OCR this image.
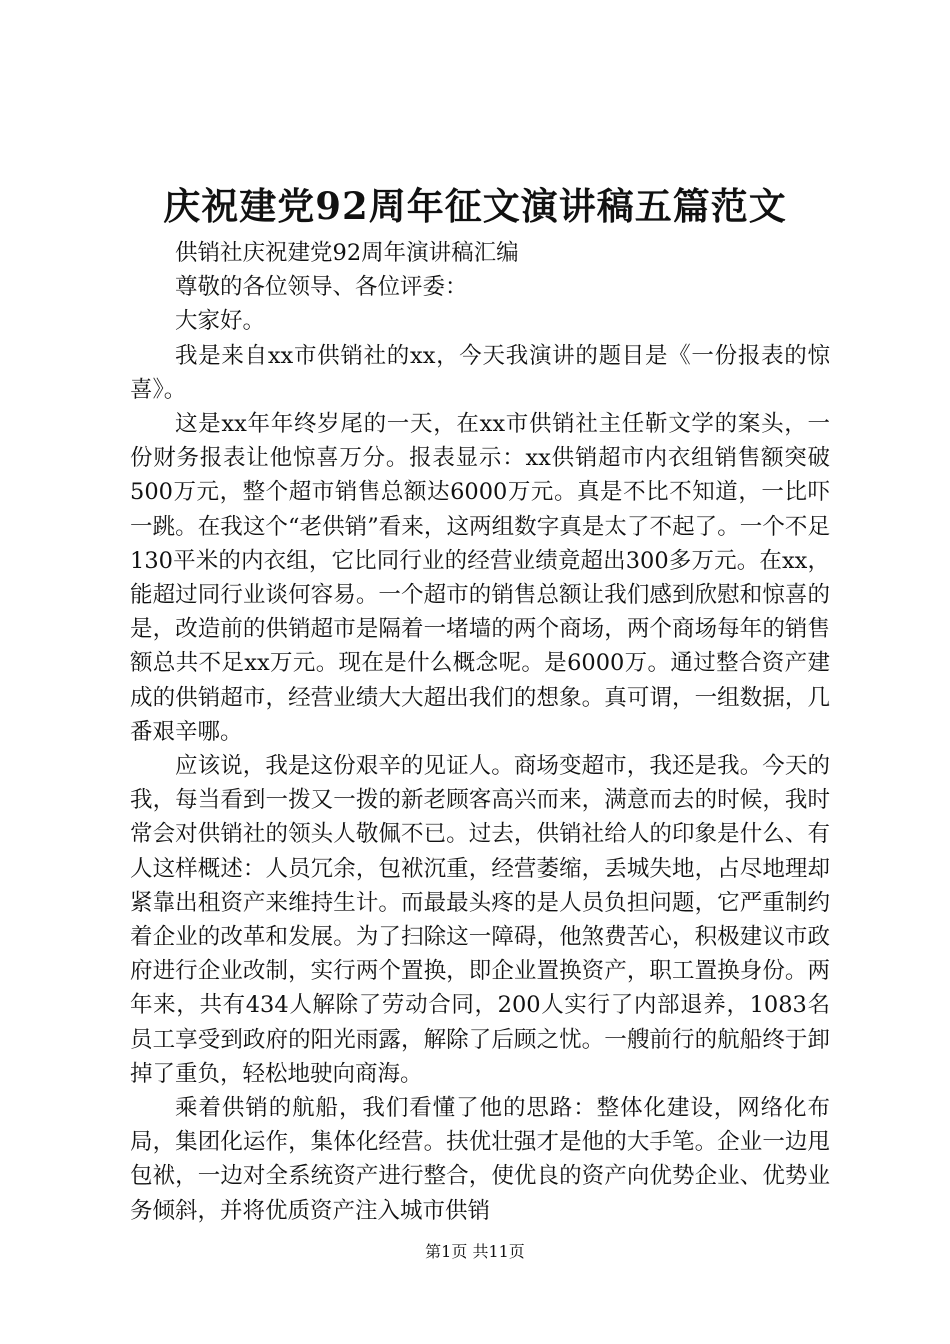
庆祝建党92周年征文演讲稿五篇范文

供销社庆祝建党92周年演讲稿汇编

尊敬的各位领导、各位评委：

大家好。

我是来自xx市供销社的xx，今天我演讲的题目是《一份报表的惊喜》。

这是xx年年终岁尾的一天，在xx市供销社主任靳文学的案头，一份财务报表让他惊喜万分。报表显示：xx供销超市内衣组销售额突破500万元，整个超市销售总额达6000万元。真是不比不知道，一比吓一跳。在我这个“老供销”看来，这两组数字真是太了不起了。一个不足130平米的内衣组，它比同行业的经营业绩竟超出300多万元。在xx，能超过同行业谈何容易。一个超市的销售总额让我们感到欣慰和惊喜的是，改造前的供销超市是隔着一堵墙的两个商场，两个商场每年的销售额总共不足xx万元。现在是什么概念呢。是6000万。通过整合资产建成的供销超市，经营业绩大大超出我们的想象。真可谓，一组数据，几番艰辛哪。

应该说，我是这份艰辛的见证人。商场变超市，我还是我。今天的我，每当看到一拨又一拨的新老顾客高兴而来，满意而去的时候，我时常会对供销社的领头人敬佩不已。过去，供销社给人的印象是什么、有人这样概述：人员冗余，包袱沉重，经营萎缩，丢城失地，占尽地理却紧靠出租资产来维持生计。而最最头疼的是人员负担问题，它严重制约着企业的改革和发展。为了扫除这一障碍，他煞费苦心，积极建议市政府进行企业改制，实行两个置换，即企业置换资产，职工置换身份。两年来，共有434人解除了劳动合同，200人实行了内部退养，1083名员工享受到政府的阳光雨露，解除了后顾之忧。一艘前行的航船终于卸掉了重负，轻松地驶向商海。

乘着供销的航船，我们看懂了他的思路：整体化建设，网络化布局，集团化运作，集体化经营。扶优壮强才是他的大手笔。企业一边甩包袱，一边对全系统资产进行整合，使优良的资产向优势企业、优势业务倾斜，并将优质资产注入城市供销

第1页 共11页
